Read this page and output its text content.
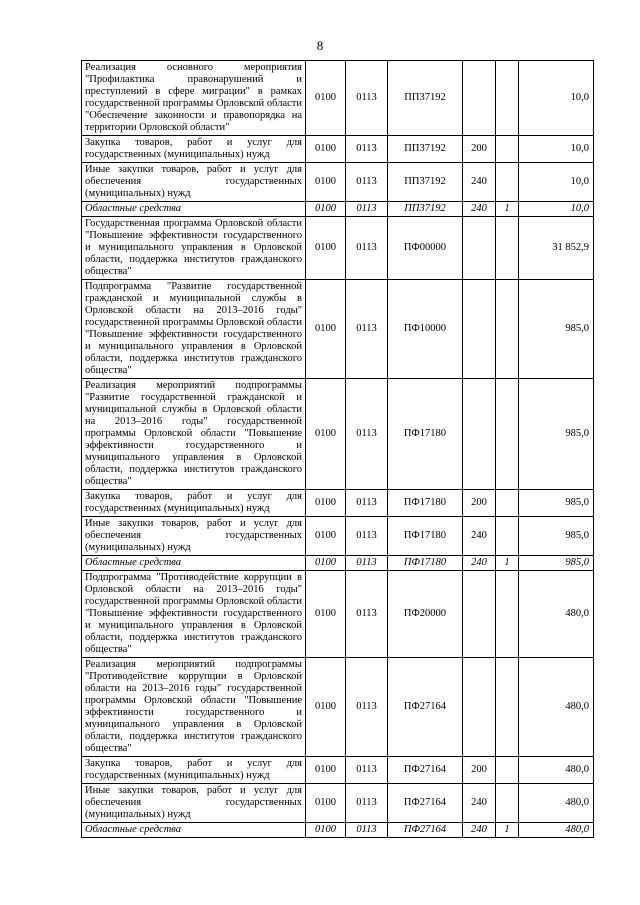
8
Реализация основного мероприятия "Профилактика правонарушений и преступлений в сфере миграции" в рамках государственной программы Орловской области "Обеспечение законности и правопорядка на территории Орловской области"	0100	0113	ПП37192			10,0
Закупка товаров, работ и услуг для государственных (муниципальных) нужд	0100	0113	ПП37192	200		10,0
Иные закупки товаров, работ и услуг для обеспечения государственных (муниципальных) нужд	0100	0113	ПП37192	240		10,0
Областные средства	0100	0113	ПП37192	240	1	10,0
Государственная программа Орловской области "Повышение эффективности государственного и муниципального управления в Орловской области, поддержка институтов гражданского общества"	0100	0113	ПФ00000			31 852,9
Подпрограмма "Развитие государственной гражданской и муниципальной службы в Орловской области на 2013–2016 годы" государственной программы Орловской области "Повышение эффективности государственного и муниципального управления в Орловской области, поддержка институтов гражданского общества"	0100	0113	ПФ10000			985,0
Реализация мероприятий подпрограммы "Развитие государственной гражданской и муниципальной службы в Орловской области на 2013–2016 годы" государственной программы Орловской области "Повышение эффективности государственного и муниципального управления в Орловской области, поддержка институтов гражданского общества"	0100	0113	ПФ17180			985,0
Закупка товаров, работ и услуг для государственных (муниципальных) нужд	0100	0113	ПФ17180	200		985,0
Иные закупки товаров, работ и услуг для обеспечения государственных (муниципальных) нужд	0100	0113	ПФ17180	240		985,0
Областные средства	0100	0113	ПФ17180	240	1	985,0
Подпрограмма "Противодействие коррупции в Орловской области на 2013–2016 годы" государственной программы Орловской области "Повышение эффективности государственного и муниципального управления в Орловской области, поддержка институтов гражданского общества"	0100	0113	ПФ20000			480,0
Реализация мероприятий подпрограммы "Противодействие коррупции в Орловской области на 2013–2016 годы" государственной программы Орловской области "Повышение эффективности государственного и муниципального управления в Орловской области, поддержка институтов гражданского общества"	0100	0113	ПФ27164			480,0
Закупка товаров, работ и услуг для государственных (муниципальных) нужд	0100	0113	ПФ27164	200		480,0
Иные закупки товаров, работ и услуг для обеспечения государственных (муниципальных) нужд	0100	0113	ПФ27164	240		480,0
Областные средства	0100	0113	ПФ27164	240	1	480,0
